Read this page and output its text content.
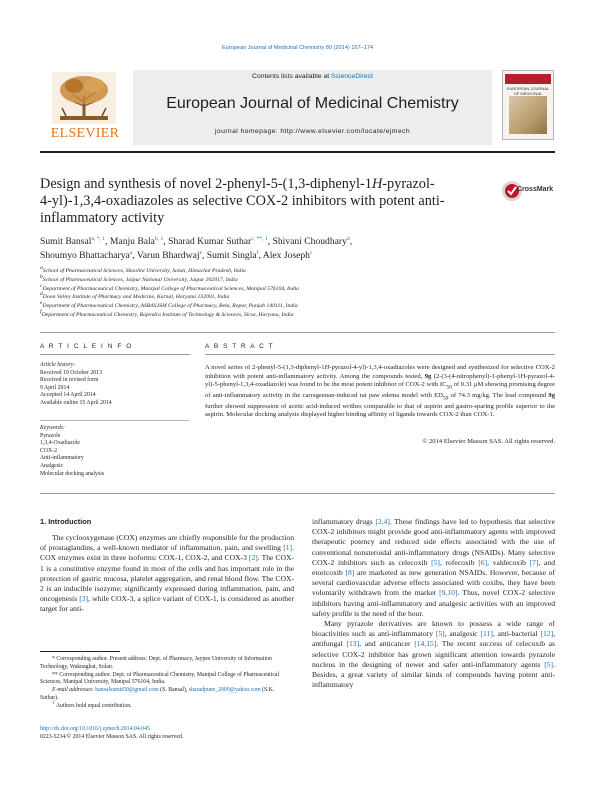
European Journal of Medicinal Chemistry 80 (2014) 167–174
ELSEVIER
Contents lists available at ScienceDirect
European Journal of Medicinal Chemistry
journal homepage: http://www.elsevier.com/locate/ejmech
EUROPEAN JOURNAL OF MEDICINAL
Design and synthesis of novel 2-phenyl-5-(1,3-diphenyl-1H-pyrazol-
4-yl)-1,3,4-oxadiazoles as selective COX-2 inhibitors with potent anti-
inflammatory activity
CrossMark
Sumit Bansal$^{a, *, 1}$, Manju Bala$^{b, 1}$, Sharad Kumar Suthar$^{c, **, 1}$, Shivani Choudhary$^d$,
Shoumyo Bhattacharya$^a$, Varun Bhardwaj$^e$, Sumit Singla$^f$, Alex Joseph$^c$
$^a$School of Pharmaceutical Sciences, Shoolini University, Solan, Himachal Pradesh, India
$^b$School of Pharmaceutical Sciences, Jaipur National University, Jaipur 302017, India
$^c$Department of Pharmaceutical Chemistry, Manipal College of Pharmaceutical Sciences, Manipal 576104, India
$^d$Doon Valley Institute of Pharmacy and Medicine, Karnal, Haryana 132001, India
$^e$Department of Pharmaceutical Chemistry, ASBASJSM College of Pharmacy, Bela, Ropar, Punjab 140111, India
$^f$Department of Pharmaceutical Chemistry, Rajendra Institute of Technology & Sciences, Sirsa, Haryana, India
A R T I C L E I N F O	A B S T R A C T
Article history:
Received 19 October 2013
Received in revised form
9 April 2014
Accepted 14 April 2014
Available online 15 April 2014
Keywords:
Pyrazole
1,3,4-Oxadiazole
COX-2
Anti-inflammatory
Analgesic
Molecular docking analysis
A novel series of 2-phenyl-5-(1,3-diphenyl-1H-pyrazol-4-yl)-1,3,4-oxadiazoles were designed and synthesized for selective COX-2 inhibition with potent anti-inflammatory activity. Among the compounds tested, 9g (2-(3-(4-nitrophenyl)-1-phenyl-1H-pyrazol-4-yl)-5-phenyl-1,3,4-oxadiazole) was found to be the most potent inhibitor of COX-2 with $IC_{50}$ of 0.31 μM showing promising degree of anti-inflammatory activity in the carrageenan-induced rat paw edema model with $ED_{50}$ of 74.3 mg/kg. The lead compound 9g further showed suppression of acetic acid-induced writhes comparable to that of aspirin and gastro-sparing profile superior to the aspirin. Molecular docking analysis displayed higher binding affinity of ligands towards COX-2 than COX-1.
© 2014 Elsevier Masson SAS. All rights reserved.
1. Introduction

The cyclooxygenase (COX) enzymes are chiefly responsible for the production of prostaglandins, a well-known mediator of inflammation, pain, and swelling [1]. COX enzymes exist in three isoforms: COX-1, COX-2, and COX-3 [2]. The COX-1 is a constitutive enzyme found in most of the cells and has important role in the protection of gastric mucosa, platelet aggregation, and renal blood flow. The COX-2 is an inducible isozyme; significantly expressed during inflammation, pain, and oncogenesis [3], while COX-3, a splice variant of COX-1, is considered as another target for anti-

inflammatory drugs [2,4]. These findings have led to hypothesis that selective COX-2 inhibitors might provide good anti-inflammatory agents with improved therapeutic potency and reduced side effects associated with the use of conventional nonsteroidal anti-inflammatory drugs (NSAIDs). Many selective COX-2 inhibitors such as celecoxib [5], rofecoxib [6], valdecoxib [7], and etoricoxib [8] are marketed as new generation NSAIDs. However, because of several cardiovascular adverse effects associated with coxibs, they have been voluntarily withdrawn from the market [9,10]. Thus, novel COX-2 selective inhibitors having anti-inflammatory and analgesic activities with an improved safety profile is the need of the hour.

Many pyrazole derivatives are known to possess a wide range of bioactivities such as anti-inflammatory [5], analgesic [11], anti-bacterial [12], antifungal [13], and anticancer [14,15]. The recent success of celecoxib as selective COX-2 inhibitor has grown significant attention towards pyrazole nucleus in the designing of newer and safer anti-inflammatory agents [5]. Besides, a great variety of similar kinds of compounds having potent anti-inflammatory

* Corresponding author. Present address: Dept. of Pharmacy, Jaypee University of Information Technology, Waknaghat, Solan.
** Corresponding author. Dept. of Pharmaceutical Chemistry, Manipal College of Pharmaceutical Sciences, Manipal University, Manipal 576104, India.
E-mail addresses: bansalsumit50@gmail.com (S. Bansal), sharadpune_2009@yahoo.com (S.K. Suthar).
$^1$ Authors hold equal contribution.
http://dx.doi.org/10.1016/j.ejmech.2014.04.045
0223-5234/© 2014 Elsevier Masson SAS. All rights reserved.
